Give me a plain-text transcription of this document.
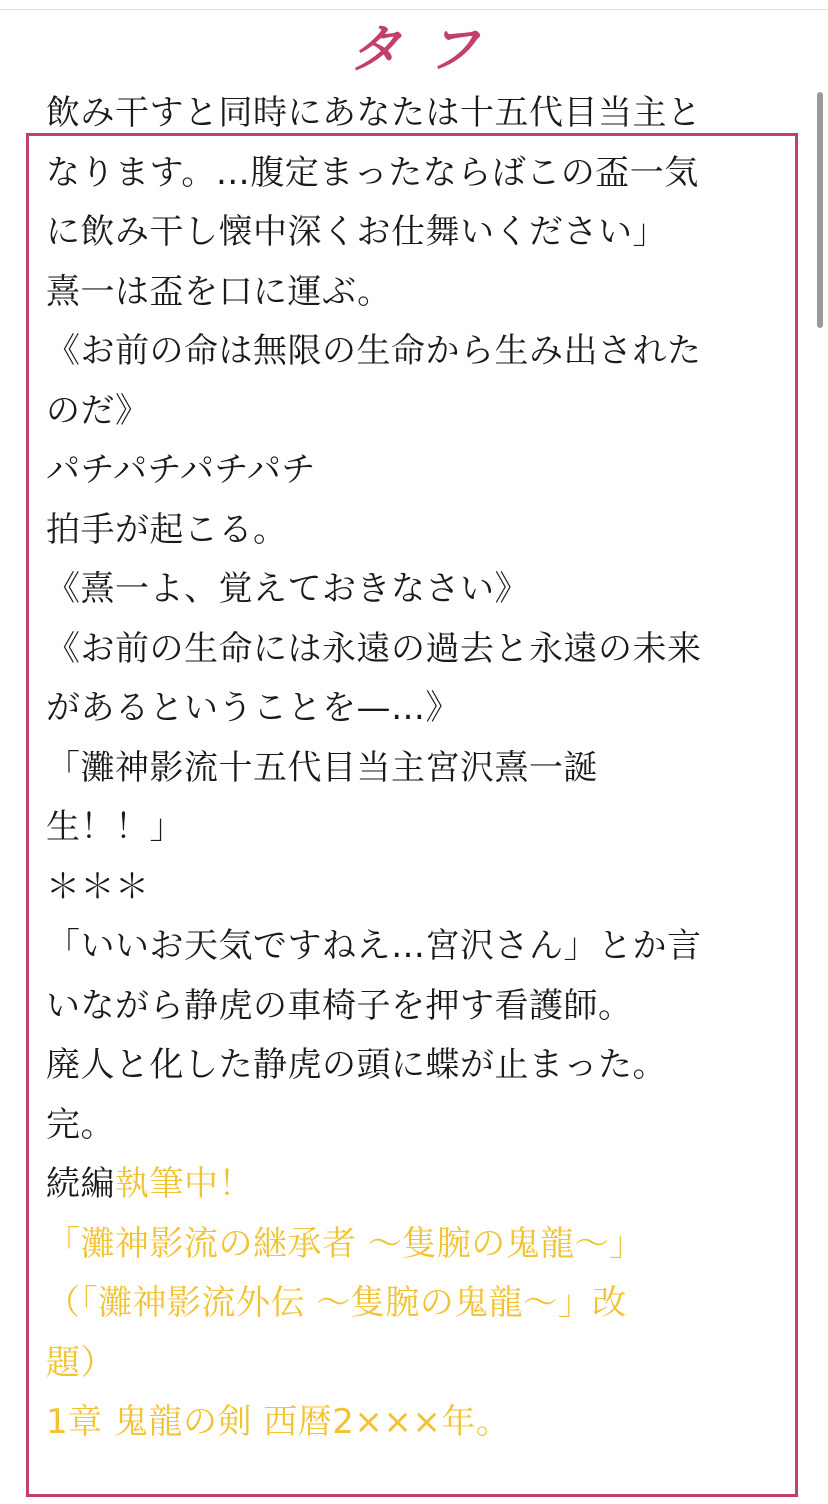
タフ
飲み干すと同時にあなたは十五代目当主と
なります。…腹定まったならばこの盃一気
に飲み干し懐中深くお仕舞いください」
熹一は盃を口に運ぶ。
《お前の命は無限の生命から生み出された
のだ》
パチパチパチパチ
拍手が起こる。
《熹一よ、覚えておきなさい》
《お前の生命には永遠の過去と永遠の未来
があるということを—…》
「灘神影流十五代目当主宮沢熹一誕
生！！」
＊＊＊
「いいお天気ですねえ…宮沢さん」とか言
いながら静虎の車椅子を押す看護師。
廃人と化した静虎の頭に蝶が止まった。
完。
続編執筆中！
「灘神影流の継承者 〜隻腕の鬼龍〜」
（「灘神影流外伝 〜隻腕の鬼龍〜」改
題）
1章 鬼龍の剣 西暦2×××年。
